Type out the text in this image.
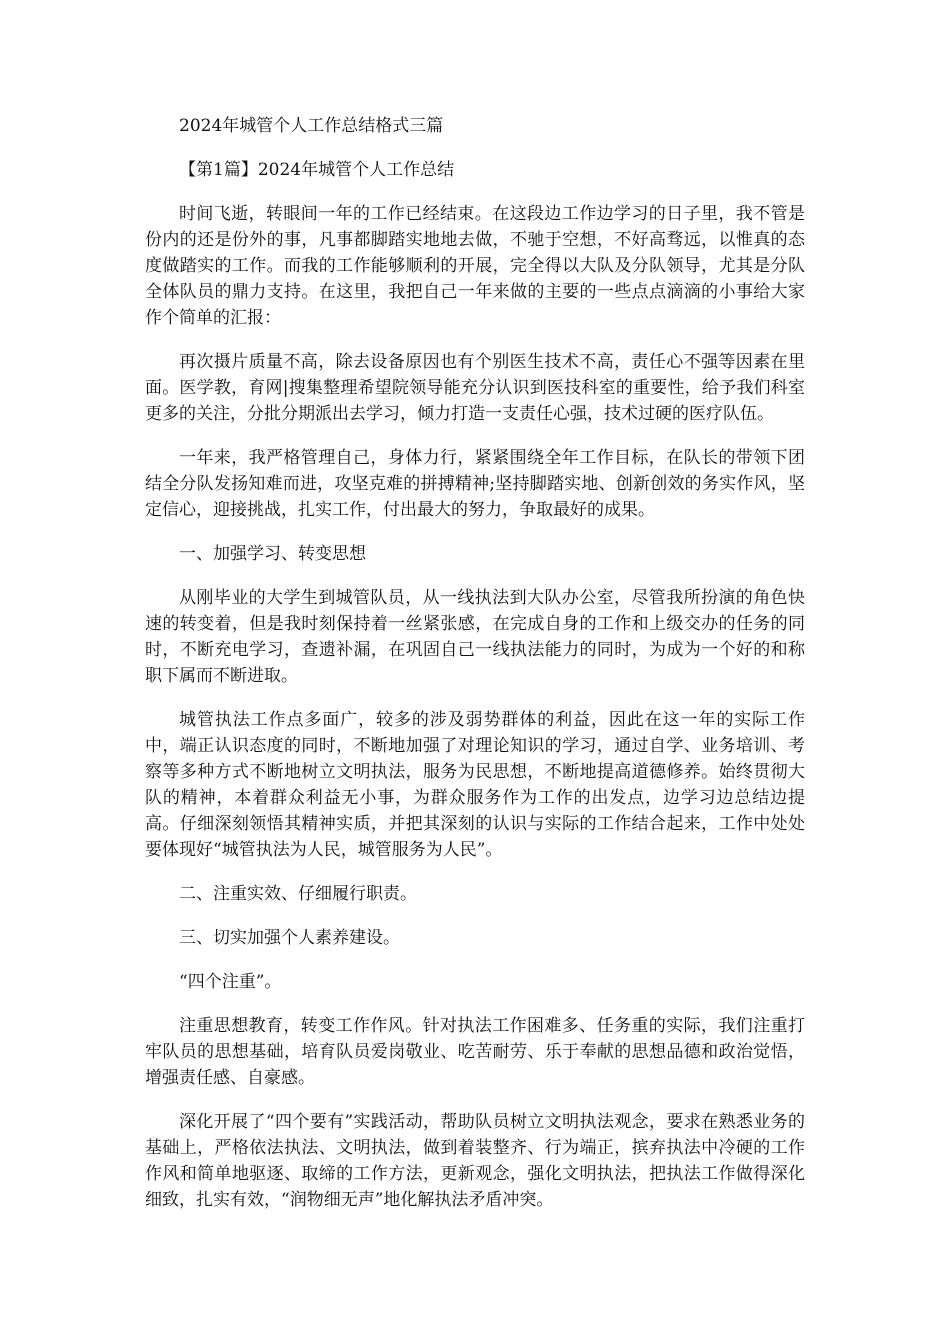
2024年城管个人工作总结格式三篇

【第1篇】2024年城管个人工作总结

时间飞逝，转眼间一年的工作已经结束。在这段边工作边学习的日子里，我不管是份内的还是份外的事，凡事都脚踏实地地去做，不驰于空想，不好高骛远，以惟真的态度做踏实的工作。而我的工作能够顺利的开展，完全得以大队及分队领导，尤其是分队全体队员的鼎力支持。在这里，我把自己一年来做的主要的一些点点滴滴的小事给大家作个简单的汇报：

再次摄片质量不高，除去设备原因也有个别医生技术不高，责任心不强等因素在里面。医学教，育网|搜集整理希望院领导能充分认识到医技科室的重要性，给予我们科室更多的关注，分批分期派出去学习，倾力打造一支责任心强，技术过硬的医疗队伍。

一年来，我严格管理自己，身体力行，紧紧围绕全年工作目标，在队长的带领下团结全分队发扬知难而进，攻坚克难的拼搏精神;坚持脚踏实地、创新创效的务实作风，坚定信心，迎接挑战，扎实工作，付出最大的努力，争取最好的成果。

一、加强学习、转变思想

从刚毕业的大学生到城管队员，从一线执法到大队办公室，尽管我所扮演的角色快速的转变着，但是我时刻保持着一丝紧张感，在完成自身的工作和上级交办的任务的同时，不断充电学习，查遗补漏，在巩固自己一线执法能力的同时，为成为一个好的和称职下属而不断进取。

城管执法工作点多面广，较多的涉及弱势群体的利益，因此在这一年的实际工作中，端正认识态度的同时，不断地加强了对理论知识的学习，通过自学、业务培训、考察等多种方式不断地树立文明执法，服务为民思想，不断地提高道德修养。始终贯彻大队的精神，本着群众利益无小事，为群众服务作为工作的出发点，边学习边总结边提高。仔细深刻领悟其精神实质，并把其深刻的认识与实际的工作结合起来，工作中处处要体现好“城管执法为人民，城管服务为人民”。

二、注重实效、仔细履行职责。

三、切实加强个人素养建设。

“四个注重”。

注重思想教育，转变工作作风。针对执法工作困难多、任务重的实际，我们注重打牢队员的思想基础，培育队员爱岗敬业、吃苦耐劳、乐于奉献的思想品德和政治觉悟，增强责任感、自豪感。

深化开展了“四个要有”实践活动，帮助队员树立文明执法观念，要求在熟悉业务的基础上，严格依法执法、文明执法，做到着装整齐、行为端正，摈弃执法中冷硬的工作作风和简单地驱逐、取缔的工作方法，更新观念，强化文明执法，把执法工作做得深化细致，扎实有效，“润物细无声”地化解执法矛盾冲突。
